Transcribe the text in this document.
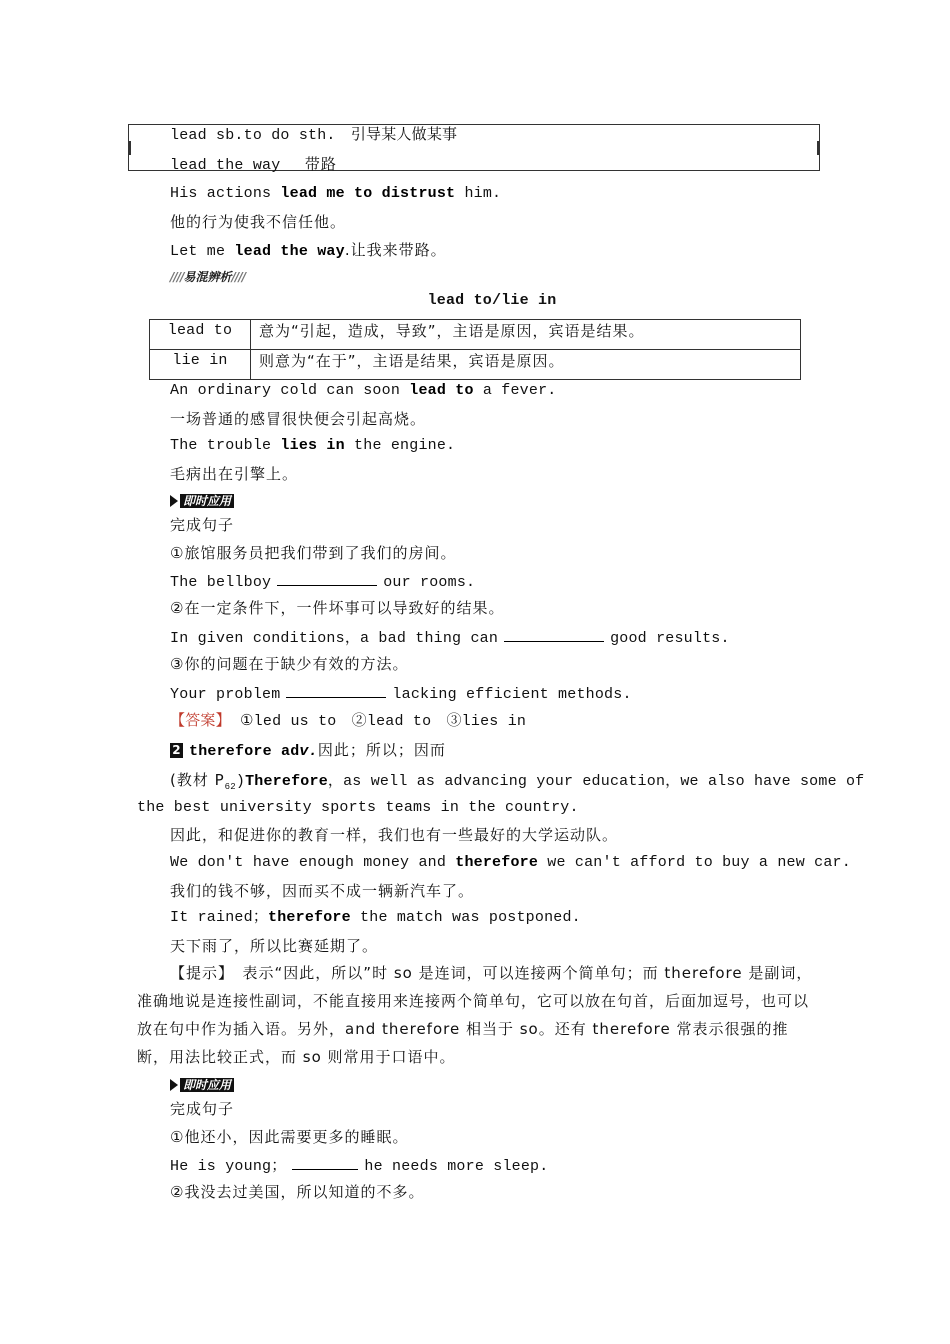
lead sb.to do sth.　引导某人做某事
lead the way　 带路
His actions lead me to distrust him.
他的行为使我不信任他。
Let me lead the way.让我来带路。
////易混辨析////
lead to/lie in
lead to	意为“引起，造成，导致”，主语是原因，宾语是结果。
lie in	则意为“在于”，主语是结果，宾语是原因。
An ordinary cold can soon lead to a fever.
一场普通的感冒很快便会引起高烧。
The trouble lies in the engine.
毛病出在引擎上。
即时应用
完成句子
①旅馆服务员把我们带到了我们的房间。
The bellboy	our rooms.
②在一定条件下，一件坏事可以导致好的结果。
In given conditions，a bad thing can	good results.
③你的问题在于缺少有效的方法。
Your problem	lacking efficient methods.
【答案】 ①led us to　②lead to　③lies in
2 therefore adv.因此；所以；因而
(教材 $P_{62})Therefore$，as well as advancing your education，we also have some of
the best university sports teams in the country.
因此，和促进你的教育一样，我们也有一些最好的大学运动队。
We don't have enough money and therefore we can't afford to buy a new car.
我们的钱不够，因而买不成一辆新汽车了。
It rained；therefore the match was postponed.
天下雨了，所以比赛延期了。
【提示】　 表示“因此，所以”时 so 是连词，可以连接两个简单句；而 therefore 是副词，准确地说是连接性副词，不能直接用来连接两个简单句，它可以放在句首，后面加逗号，也可以放在句中作为插入语。另外，and therefore 相当于 so。还有 therefore 常表示很强的推断，用法比较正式，而 so 则常用于口语中。
即时应用
完成句子
①他还小，因此需要更多的睡眠。
He is young；	he needs more sleep.
②我没去过美国，所以知道的不多。
